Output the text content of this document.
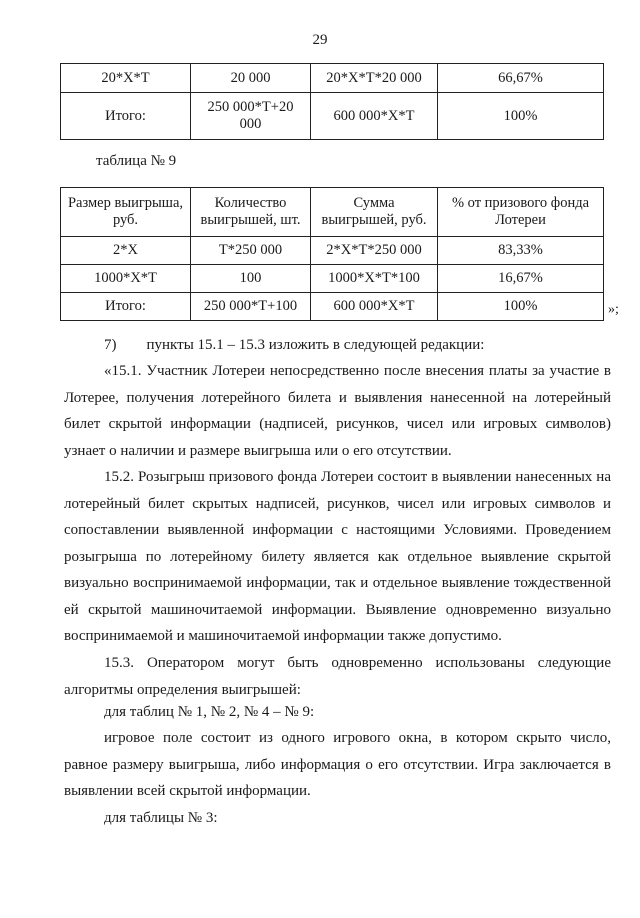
29
20*Х*Т	20 000	20*Х*Т*20 000	66,67%
Итого:	250 000*Т+20 000	600 000*Х*Т	100%
таблица № 9
Размер выигрыша, руб.	Количество выигрышей, шт.	Сумма выигрышей, руб.	% от призового фонда Лотереи
2*Х	Т*250 000	2*Х*Т*250 000	83,33%
1000*Х*Т	100	1000*Х*Т*100	16,67%
Итого:	250 000*Т+100	600 000*Х*Т	100%	»;
7)  пункты 15.1 – 15.3 изложить в следующей редакции:

«15.1. Участник Лотереи непосредственно после внесения платы за участие в Лотерее, получения лотерейного билета и выявления нанесенной на лотерейный билет скрытой информации (надписей, рисунков, чисел или игровых символов) узнает о наличии и размере выигрыша или о его отсутствии.

15.2. Розыгрыш призового фонда Лотереи состоит в выявлении нанесенных на лотерейный билет скрытых надписей, рисунков, чисел или игровых символов и сопоставлении выявленной информации с настоящими Условиями. Проведением розыгрыша по лотерейному билету является как отдельное выявление скрытой визуально воспринимаемой информации, так и отдельное выявление тождественной ей скрытой машиночитаемой информации. Выявление одновременно визуально воспринимаемой и машиночитаемой информации также допустимо.

15.3. Оператором могут быть одновременно использованы следующие алгоритмы определения выигрышей:

для таблиц № 1, № 2, № 4 – № 9:

игровое поле состоит из одного игрового окна, в котором скрыто число, равное размеру выигрыша, либо информация о его отсутствии. Игра заключается в выявлении всей скрытой информации.

для таблицы № 3:
